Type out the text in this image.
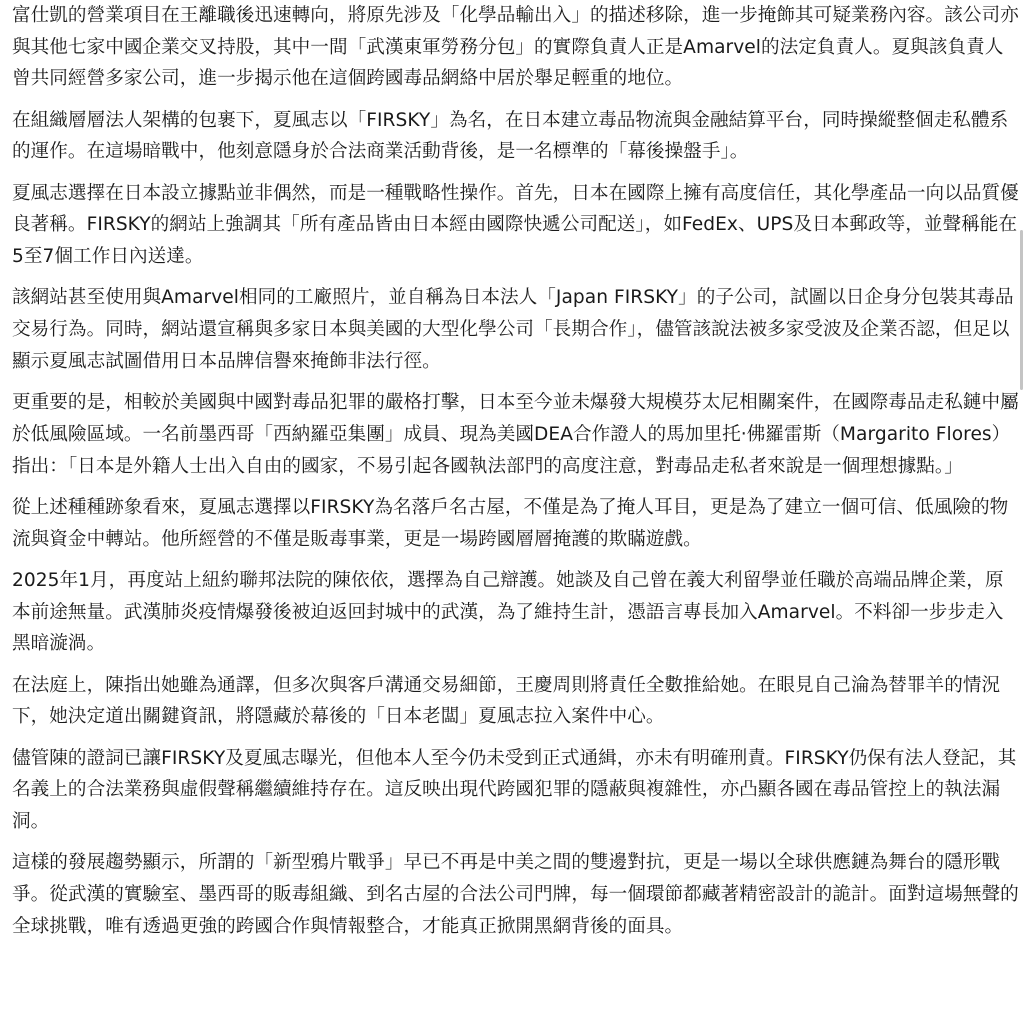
富仕凱的營業項目在王離職後迅速轉向，將原先涉及「化學品輸出入」的描述移除，進一步掩飾其可疑業務內容。該公司亦與其他七家中國企業交叉持股，其中一間「武漢東軍勞務分包」的實際負責人正是Amarvel的法定負責人。夏與該負責人曾共同經營多家公司，進一步揭示他在這個跨國毒品網絡中居於舉足輕重的地位。

在組織層層法人架構的包裹下，夏風志以「FIRSKY」為名，在日本建立毒品物流與金融結算平台，同時操縱整個走私體系的運作。在這場暗戰中，他刻意隱身於合法商業活動背後，是一名標準的「幕後操盤手」。

夏風志選擇在日本設立據點並非偶然，而是一種戰略性操作。首先，日本在國際上擁有高度信任，其化學產品一向以品質優良著稱。FIRSKY的網站上強調其「所有產品皆由日本經由國際快遞公司配送」，如FedEx、UPS及日本郵政等，並聲稱能在5至7個工作日內送達。

該網站甚至使用與Amarvel相同的工廠照片，並自稱為日本法人「Japan FIRSKY」的子公司，試圖以日企身分包裝其毒品交易行為。同時，網站還宣稱與多家日本與美國的大型化學公司「長期合作」，儘管該說法被多家受波及企業否認，但足以顯示夏風志試圖借用日本品牌信譽來掩飾非法行徑。

更重要的是，相較於美國與中國對毒品犯罪的嚴格打擊，日本至今並未爆發大規模芬太尼相關案件，在國際毒品走私鏈中屬於低風險區域。一名前墨西哥「西納羅亞集團」成員、現為美國DEA合作證人的馬加里托·佛羅雷斯（Margarito Flores）指出：「日本是外籍人士出入自由的國家，不易引起各國執法部門的高度注意，對毒品走私者來說是一個理想據點。」

從上述種種跡象看來，夏風志選擇以FIRSKY為名落戶名古屋，不僅是為了掩人耳目，更是為了建立一個可信、低風險的物流與資金中轉站。他所經營的不僅是販毒事業，更是一場跨國層層掩護的欺瞞遊戲。

2025年1月，再度站上紐約聯邦法院的陳依依，選擇為自己辯護。她談及自己曾在義大利留學並任職於高端品牌企業，原本前途無量。武漢肺炎疫情爆發後被迫返回封城中的武漢，為了維持生計，憑語言專長加入Amarvel。不料卻一步步走入黑暗漩渦。

在法庭上，陳指出她雖為通譯，但多次與客戶溝通交易細節，王慶周則將責任全數推給她。在眼見自己淪為替罪羊的情況下，她決定道出關鍵資訊，將隱藏於幕後的「日本老闆」夏風志拉入案件中心。

儘管陳的證詞已讓FIRSKY及夏風志曝光，但他本人至今仍未受到正式通緝，亦未有明確刑責。FIRSKY仍保有法人登記，其名義上的合法業務與虛假聲稱繼續維持存在。這反映出現代跨國犯罪的隱蔽與複雜性，亦凸顯各國在毒品管控上的執法漏洞。

這樣的發展趨勢顯示，所謂的「新型鴉片戰爭」早已不再是中美之間的雙邊對抗，更是一場以全球供應鏈為舞台的隱形戰爭。從武漢的實驗室、墨西哥的販毒組織、到名古屋的合法公司門牌，每一個環節都藏著精密設計的詭計。面對這場無聲的全球挑戰，唯有透過更強的跨國合作與情報整合，才能真正掀開黑網背後的面具。
